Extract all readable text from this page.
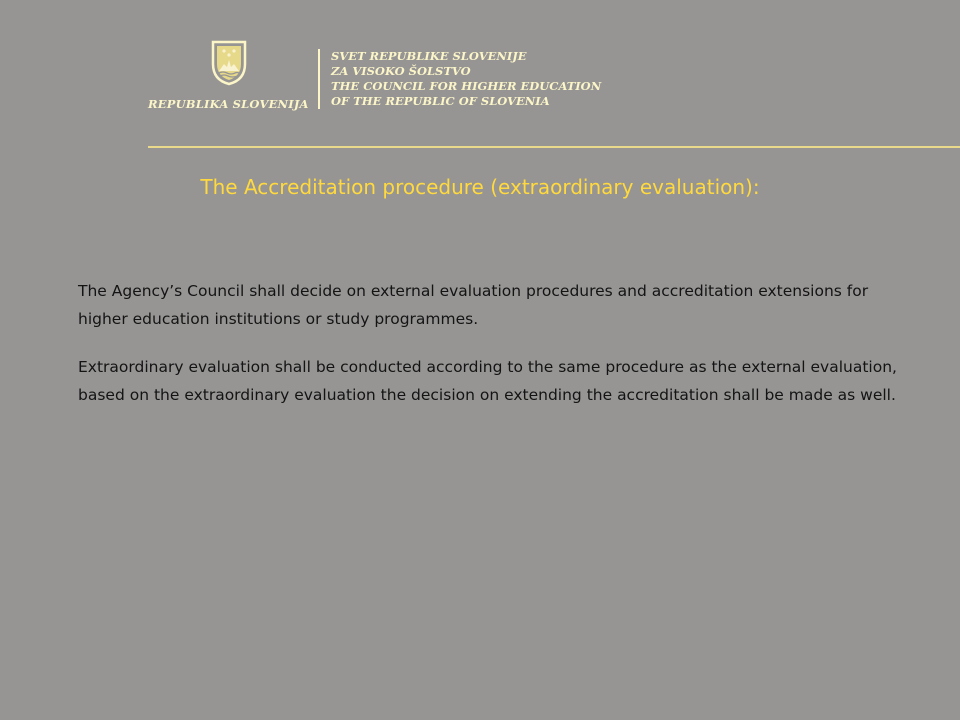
REPUBLIKA SLOVENIJA
SVET REPUBLIKE SLOVENIJE
ZA VISOKO ŠOLSTVO
THE COUNCIL FOR HIGHER EDUCATION
OF THE REPUBLIC OF SLOVENIA
The Accreditation procedure (extraordinary evaluation):

The Agency’s Council shall decide on external evaluation procedures and accreditation extensions for higher education institutions or study programmes.

Extraordinary evaluation shall be conducted according to the same procedure as the external evaluation, based on the extraordinary evaluation the decision on extending the accreditation shall be made as well.
